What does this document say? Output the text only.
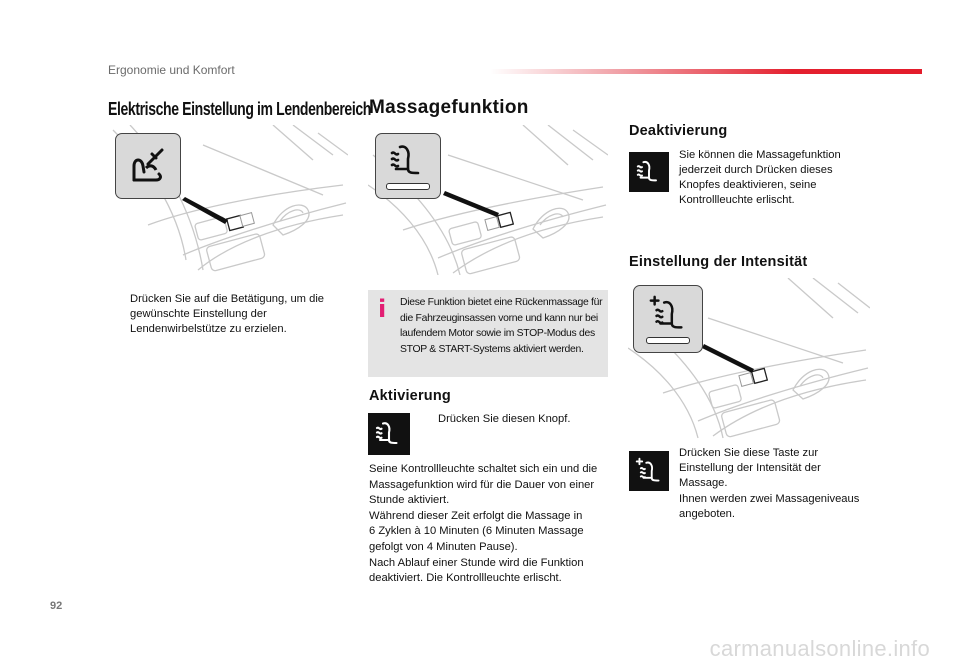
Ergonomie und Komfort
Elektrische Einstellung im Lendenbereich
Drücken Sie auf die Betätigung, um die gewünschte Einstellung der Lendenwirbelstütze zu erzielen.
Massagefunktion
i Diese Funktion bietet eine Rückenmassage für die Fahrzeuginsassen vorne und kann nur bei laufendem Motor sowie im STOP-Modus des STOP & START-Systems aktiviert werden.
Aktivierung
Drücken Sie diesen Knopf.
Seine Kontrollleuchte schaltet sich ein und die
Massagefunktion wird für die Dauer von einer
Stunde aktiviert.
Während dieser Zeit erfolgt die Massage in
6 Zyklen à 10 Minuten (6 Minuten Massage
gefolgt von 4 Minuten Pause).
Nach Ablauf einer Stunde wird die Funktion
deaktiviert. Die Kontrollleuchte erlischt.
Deaktivierung
Sie können die Massagefunktion jederzeit durch Drücken dieses Knopfes deaktivieren, seine Kontrollleuchte erlischt.
Einstellung der Intensität
Drücken Sie diese Taste zur
Einstellung der Intensität der
Massage.
Ihnen werden zwei Massageniveaus
angeboten.
92
carmanualsonline.info
